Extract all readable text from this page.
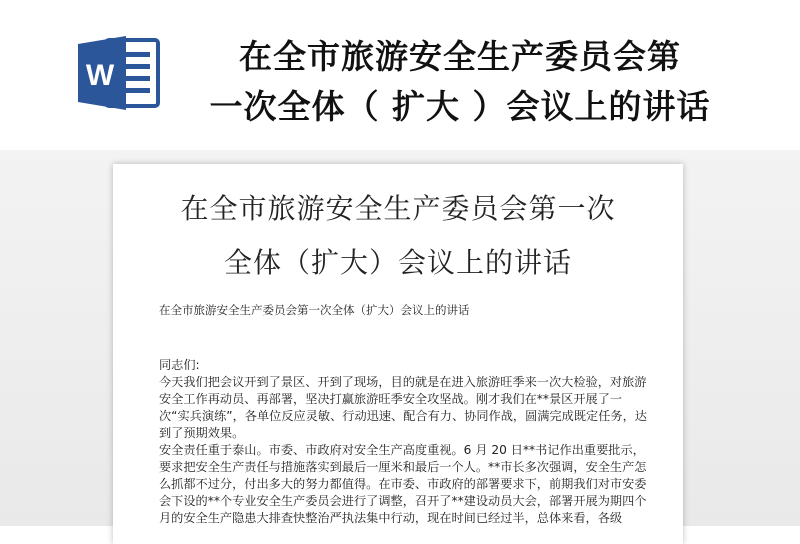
W	在全市旅游安全生产委员会第
一次全体（ 扩大 ）会议上的讲话
在全市旅游安全生产委员会第一次
全体（扩大）会议上的讲话
在全市旅游安全生产委员会第一次全体（扩大）会议上的讲话

同志们:

今天我们把会议开到了景区、开到了现场，目的就是在进入旅游旺季来一次大检验，对旅游安全工作再动员、再部署，坚决打赢旅游旺季安全攻坚战。刚才我们在**景区开展了一次“实兵演练”，各单位反应灵敏、行动迅速、配合有力、协同作战，圆满完成既定任务，达到了预期效果。

安全责任重于泰山。市委、市政府对安全生产高度重视。6 月 20 日**书记作出重要批示，要求把安全生产责任与措施落实到最后一厘米和最后一个人。**市长多次强调，安全生产怎么抓都不过分，付出多大的努力都值得。在市委、市政府的部署要求下，前期我们对市安委会下设的**个专业安全生产委员会进行了调整，召开了**建设动员大会，部署开展为期四个月的安全生产隐患大排查快整治严执法集中行动，现在时间已经过半，总体来看，各级
